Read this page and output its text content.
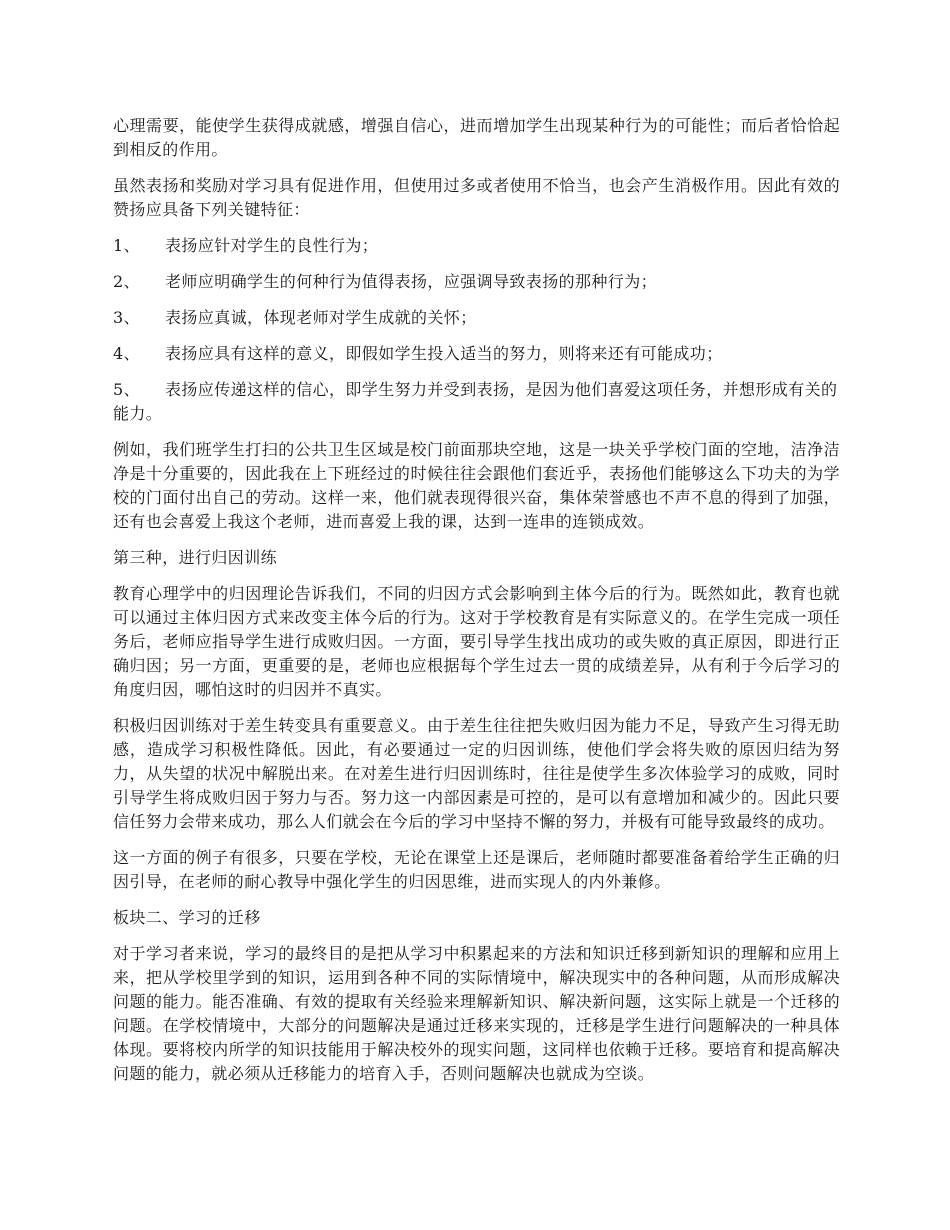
心理需要，能使学生获得成就感，增强自信心，进而增加学生出现某种行为的可能性；而后者恰恰起到相反的作用。

虽然表扬和奖励对学习具有促进作用，但使用过多或者使用不恰当，也会产生消极作用。因此有效的赞扬应具备下列关键特征：

1、	表扬应针对学生的良性行为；
2、	老师应明确学生的何种行为值得表扬，应强调导致表扬的那种行为；
3、	表扬应真诚，体现老师对学生成就的关怀；
4、	表扬应具有这样的意义，即假如学生投入适当的努力，则将来还有可能成功；
5、 表扬应传递这样的信心，即学生努力并受到表扬，是因为他们喜爱这项任务，并想形成有关的能力。

例如，我们班学生打扫的公共卫生区域是校门前面那块空地，这是一块关乎学校门面的空地，洁净洁净是十分重要的，因此我在上下班经过的时候往往会跟他们套近乎，表扬他们能够这么下功夫的为学校的门面付出自己的劳动。这样一来，他们就表现得很兴奋，集体荣誉感也不声不息的得到了加强，还有也会喜爱上我这个老师，进而喜爱上我的课，达到一连串的连锁成效。

第三种，进行归因训练

教育心理学中的归因理论告诉我们，不同的归因方式会影响到主体今后的行为。既然如此，教育也就可以通过主体归因方式来改变主体今后的行为。这对于学校教育是有实际意义的。在学生完成一项任务后，老师应指导学生进行成败归因。一方面，要引导学生找出成功的或失败的真正原因，即进行正确归因；另一方面，更重要的是，老师也应根据每个学生过去一贯的成绩差异，从有利于今后学习的角度归因，哪怕这时的归因并不真实。

积极归因训练对于差生转变具有重要意义。由于差生往往把失败归因为能力不足，导致产生习得无助感，造成学习积极性降低。因此，有必要通过一定的归因训练，使他们学会将失败的原因归结为努力，从失望的状况中解脱出来。在对差生进行归因训练时，往往是使学生多次体验学习的成败，同时引导学生将成败归因于努力与否。努力这一内部因素是可控的，是可以有意增加和减少的。因此只要信任努力会带来成功，那么人们就会在今后的学习中坚持不懈的努力，并极有可能导致最终的成功。

这一方面的例子有很多，只要在学校，无论在课堂上还是课后，老师随时都要准备着给学生正确的归因引导，在老师的耐心教导中强化学生的归因思维，进而实现人的内外兼修。

板块二、学习的迁移

对于学习者来说，学习的最终目的是把从学习中积累起来的方法和知识迁移到新知识的理解和应用上来，把从学校里学到的知识，运用到各种不同的实际情境中，解决现实中的各种问题，从而形成解决问题的能力。能否准确、有效的提取有关经验来理解新知识、解决新问题，这实际上就是一个迁移的问题。在学校情境中，大部分的问题解决是通过迁移来实现的，迁移是学生进行问题解决的一种具体体现。要将校内所学的知识技能用于解决校外的现实问题，这同样也依赖于迁移。要培育和提高解决问题的能力，就必须从迁移能力的培育入手，否则问题解决也就成为空谈。
